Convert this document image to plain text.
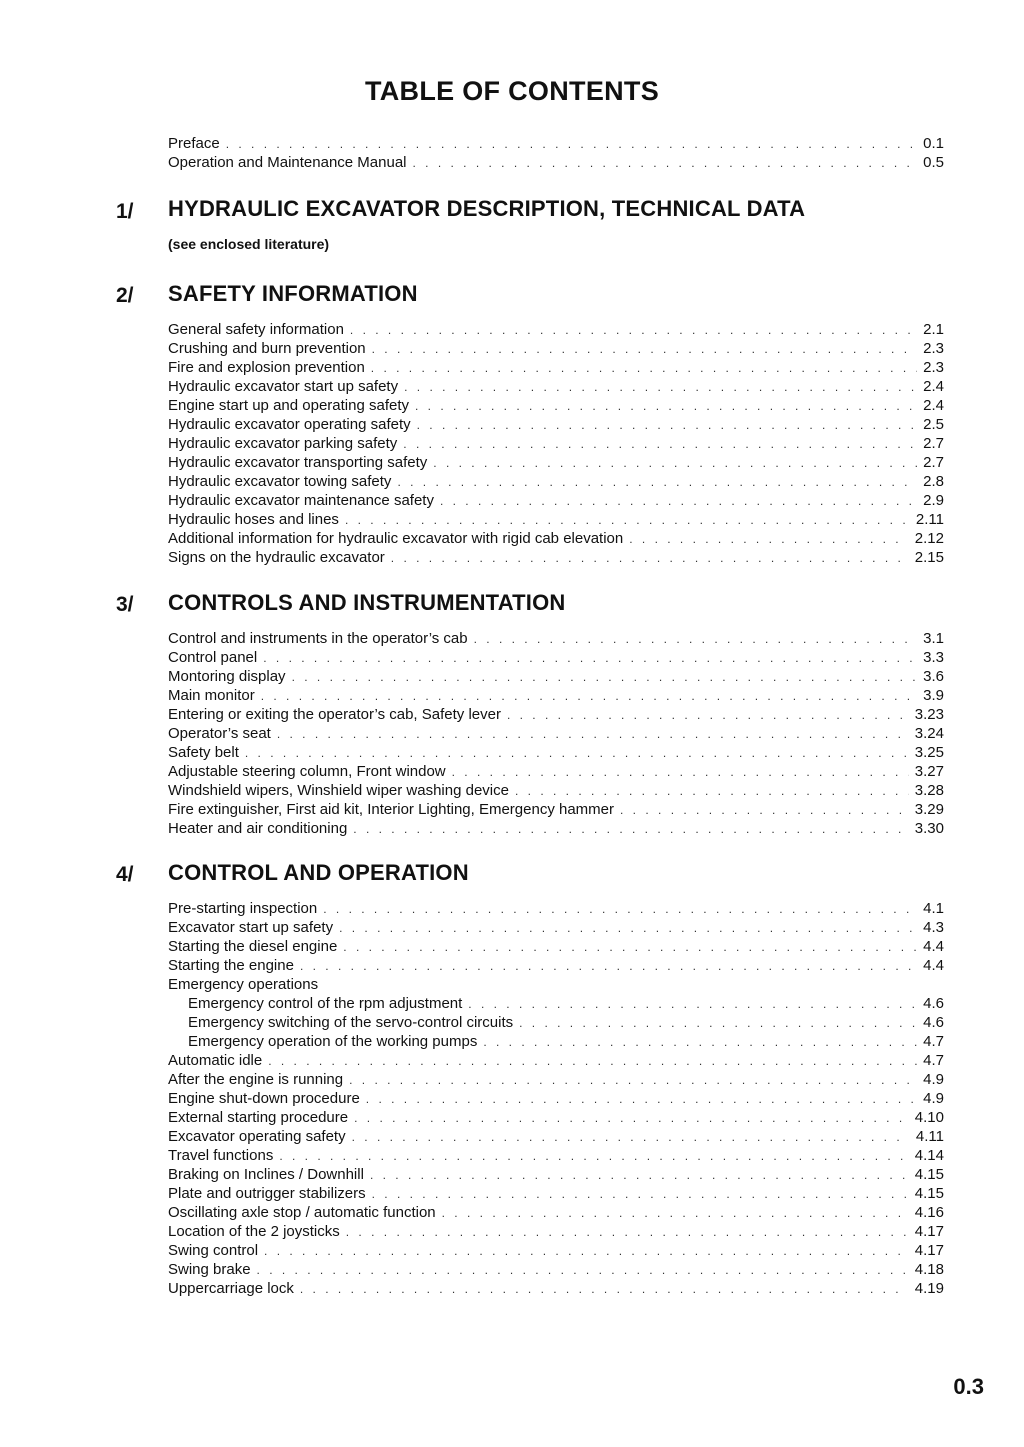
TABLE OF CONTENTS
Preface . . .	0.1
Operation and Maintenance Manual . . .	0.5
1/ HYDRAULIC EXCAVATOR DESCRIPTION, TECHNICAL DATA
(see enclosed literature)
2/ SAFETY INFORMATION
General safety information . . .	2.1
Crushing and burn prevention . . .	2.3
Fire and explosion prevention . . .	2.3
Hydraulic excavator start up safety . . .	2.4
Engine start up and operating safety . . .	2.4
Hydraulic excavator operating safety . . .	2.5
Hydraulic excavator parking safety . . .	2.7
Hydraulic excavator transporting safety . . .	2.7
Hydraulic excavator towing safety . . .	2.8
Hydraulic excavator maintenance safety . . .	2.9
Hydraulic hoses and lines . . .	2.11
Additional information for hydraulic excavator with rigid cab elevation . . .	2.12
Signs on the hydraulic excavator . . .	2.15
3/ CONTROLS AND INSTRUMENTATION
Control and instruments in the operator’s cab . . .	3.1
Control panel . . .	3.3
Montoring display . . .	3.6
Main monitor . . .	3.9
Entering or exiting the operator’s cab, Safety lever . . .	3.23
Operator’s seat . . .	3.24
Safety belt . . .	3.25
Adjustable steering column, Front window . . .	3.27
Windshield wipers, Winshield wiper washing device . . .	3.28
Fire extinguisher, First aid kit, Interior Lighting, Emergency hammer . . .	3.29
Heater and air conditioning . . .	3.30
4/ CONTROL AND OPERATION
Pre-starting inspection . . .	4.1
Excavator start up safety . . .	4.3
Starting the diesel engine . . .	4.4
Starting the engine . . .	4.4
Emergency operations
Emergency control of the rpm adjustment . . .	4.6
Emergency switching of the servo-control circuits . . .	4.6
Emergency operation of the working pumps . . .	4.7
Automatic idle . . .	4.7
After the engine is running . . .	4.9
Engine shut-down procedure . . .	4.9
External starting procedure . . .	4.10
Excavator operating safety . . .	4.11
Travel functions . . .	4.14
Braking on Inclines / Downhill . . .	4.15
Plate and outrigger stabilizers . . .	4.15
Oscillating axle stop / automatic function . . .	4.16
Location of the 2 joysticks . . .	4.17
Swing control . . .	4.17
Swing brake . . .	4.18
Uppercarriage lock . . .	4.19
0.3
